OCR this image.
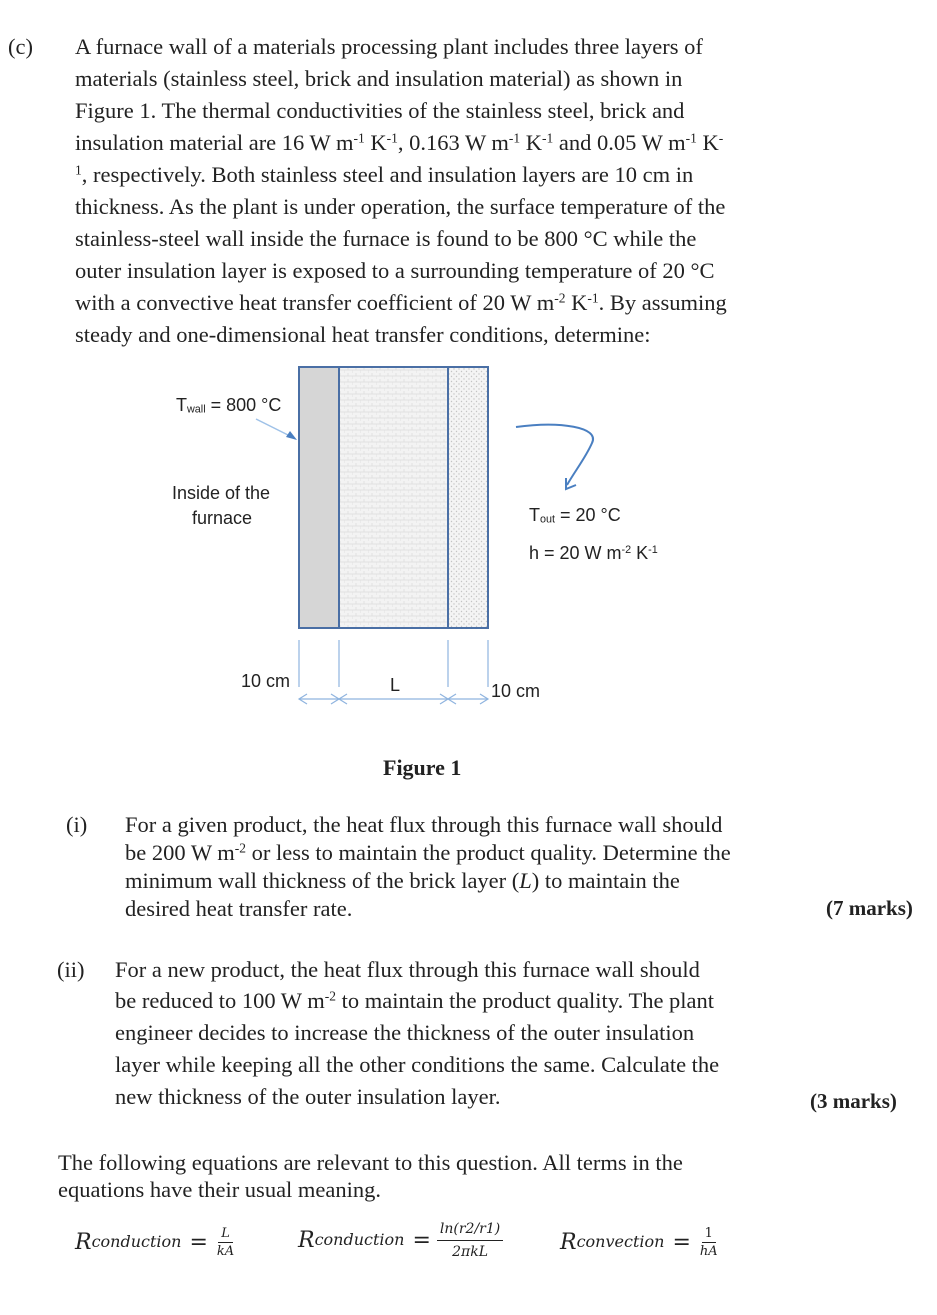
(c) A furnace wall of a materials processing plant includes three layers of
materials (stainless steel, brick and insulation material) as shown in
Figure 1. The thermal conductivities of the stainless steel, brick and
insulation material are 16 W $m^{-1}$ $K^{-1}$, 0.163 W $m^{-1}$ $K^{-1}$ and 0.05 W $m^{-1}$ K-
$^1$, respectively. Both stainless steel and insulation layers are 10 cm in
thickness. As the plant is under operation, the surface temperature of the
stainless-steel wall inside the furnace is found to be 800 °C while the
outer insulation layer is exposed to a surrounding temperature of 20 °C
with a convective heat transfer coefficient of 20 W $m^{-2}$ $K^{-1}$. By assuming
steady and one-dimensional heat transfer conditions, determine:
$T_{wall} = 800$ °C
Inside of the
furnace	$T_{out} = 20$ °C
h = 20 W $m^{-2}$ $K^{-1}$
10 cm	L	10 cm
Figure 1
(i) For a given product, the heat flux through this furnace wall should
be 200 W $m^{-2}$ or less to maintain the product quality. Determine the
minimum wall thickness of the brick layer (L) to maintain the
desired heat transfer rate.	(7 marks)
(ii) For a new product, the heat flux through this furnace wall should
be reduced to 100 W $m^{-2}$ to maintain the product quality. The plant
engineer decides to increase the thickness of the outer insulation
layer while keeping all the other conditions the same. Calculate the
new thickness of the outer insulation layer.	(3 marks)
The following equations are relevant to this question. All terms in the
equations have their usual meaning.
R conduction = $\frac{L}{kA}$	R conduction = $\frac{\ln(r2/r1)}{\text{2πkL}}$	R convection = $\frac{1}{hA}$
